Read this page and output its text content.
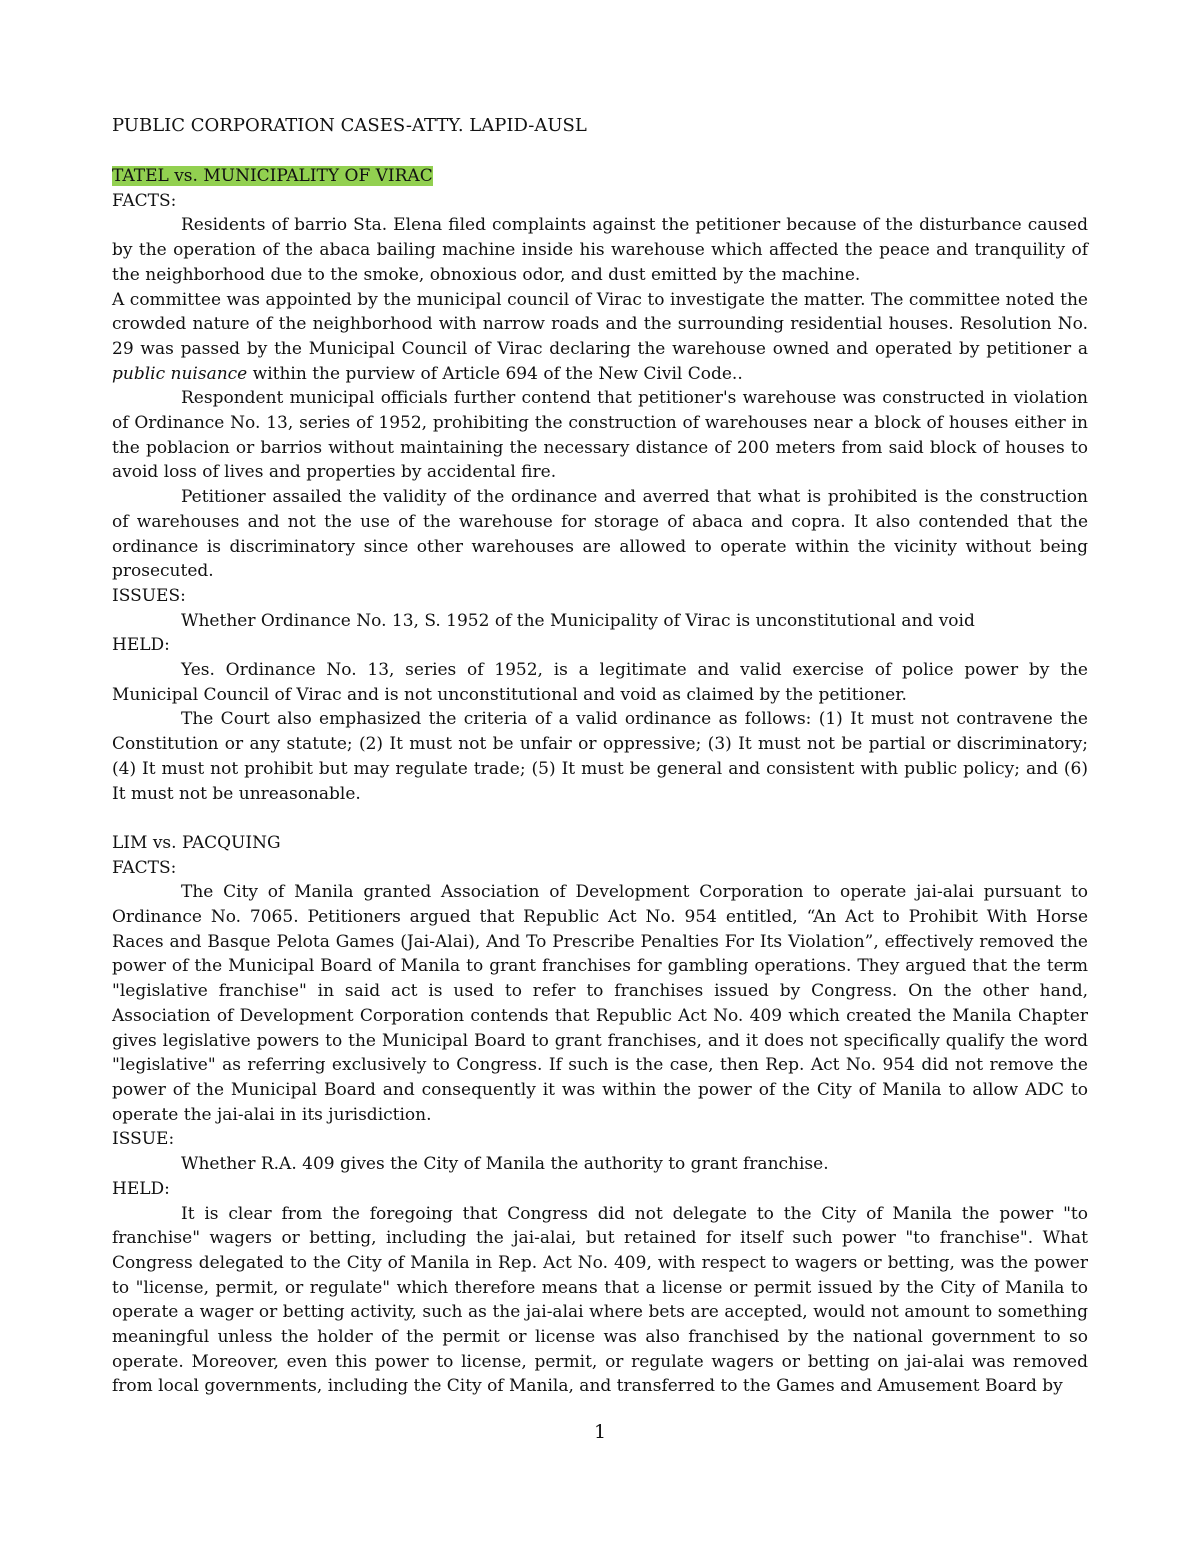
PUBLIC CORPORATION CASES-ATTY. LAPID-AUSL
TATEL vs. MUNICIPALITY OF VIRAC
FACTS:

Residents of barrio Sta. Elena filed complaints against the petitioner because of the disturbance caused by the operation of the abaca bailing machine inside his warehouse which affected the peace and tranquility of the neighborhood due to the smoke, obnoxious odor, and dust emitted by the machine.

A committee was appointed by the municipal council of Virac to investigate the matter. The committee noted the crowded nature of the neighborhood with narrow roads and the surrounding residential houses. Resolution No. 29 was passed by the Municipal Council of Virac declaring the warehouse owned and operated by petitioner a public nuisance within the purview of Article 694 of the New Civil Code..

Respondent municipal officials further contend that petitioner's warehouse was constructed in violation of Ordinance No. 13, series of 1952, prohibiting the construction of warehouses near a block of houses either in the poblacion or barrios without maintaining the necessary distance of 200 meters from said block of houses to avoid loss of lives and properties by accidental fire.

Petitioner assailed the validity of the ordinance and averred that what is prohibited is the construction of warehouses and not the use of the warehouse for storage of abaca and copra. It also contended that the ordinance is discriminatory since other warehouses are allowed to operate within the vicinity without being prosecuted.

ISSUES:

Whether Ordinance No. 13, S. 1952 of the Municipality of Virac is unconstitutional and void

HELD:

Yes. Ordinance No. 13, series of 1952, is a legitimate and valid exercise of police power by the Municipal Council of Virac and is not unconstitutional and void as claimed by the petitioner.

The Court also emphasized the criteria of a valid ordinance as follows: (1) It must not contravene the Constitution or any statute; (2) It must not be unfair or oppressive; (3) It must not be partial or discriminatory; (4) It must not prohibit but may regulate trade; (5) It must be general and consistent with public policy; and (6) It must not be unreasonable.

LIM vs. PACQUING
FACTS:

The City of Manila granted Association of Development Corporation to operate jai-alai pursuant to Ordinance No. 7065. Petitioners argued that Republic Act No. 954 entitled, “An Act to Prohibit With Horse Races and Basque Pelota Games (Jai-Alai), And To Prescribe Penalties For Its Violation”, effectively removed the power of the Municipal Board of Manila to grant franchises for gambling operations. They argued that the term "legislative franchise" in said act is used to refer to franchises issued by Congress. On the other hand, Association of Development Corporation contends that Republic Act No. 409 which created the Manila Chapter gives legislative powers to the Municipal Board to grant franchises, and it does not specifically qualify the word "legislative" as referring exclusively to Congress. If such is the case, then Rep. Act No. 954 did not remove the power of the Municipal Board and consequently it was within the power of the City of Manila to allow ADC to operate the jai-alai in its jurisdiction.

ISSUE:

Whether R.A. 409 gives the City of Manila the authority to grant franchise.

HELD:

It is clear from the foregoing that Congress did not delegate to the City of Manila the power "to franchise" wagers or betting, including the jai-alai, but retained for itself such power "to franchise". What Congress delegated to the City of Manila in Rep. Act No. 409, with respect to wagers or betting, was the power to "license, permit, or regulate" which therefore means that a license or permit issued by the City of Manila to operate a wager or betting activity, such as the jai-alai where bets are accepted, would not amount to something meaningful unless the holder of the permit or license was also franchised by the national government to so operate. Moreover, even this power to license, permit, or regulate wagers or betting on jai-alai was removed from local governments, including the City of Manila, and transferred to the Games and Amusement Board by

1
